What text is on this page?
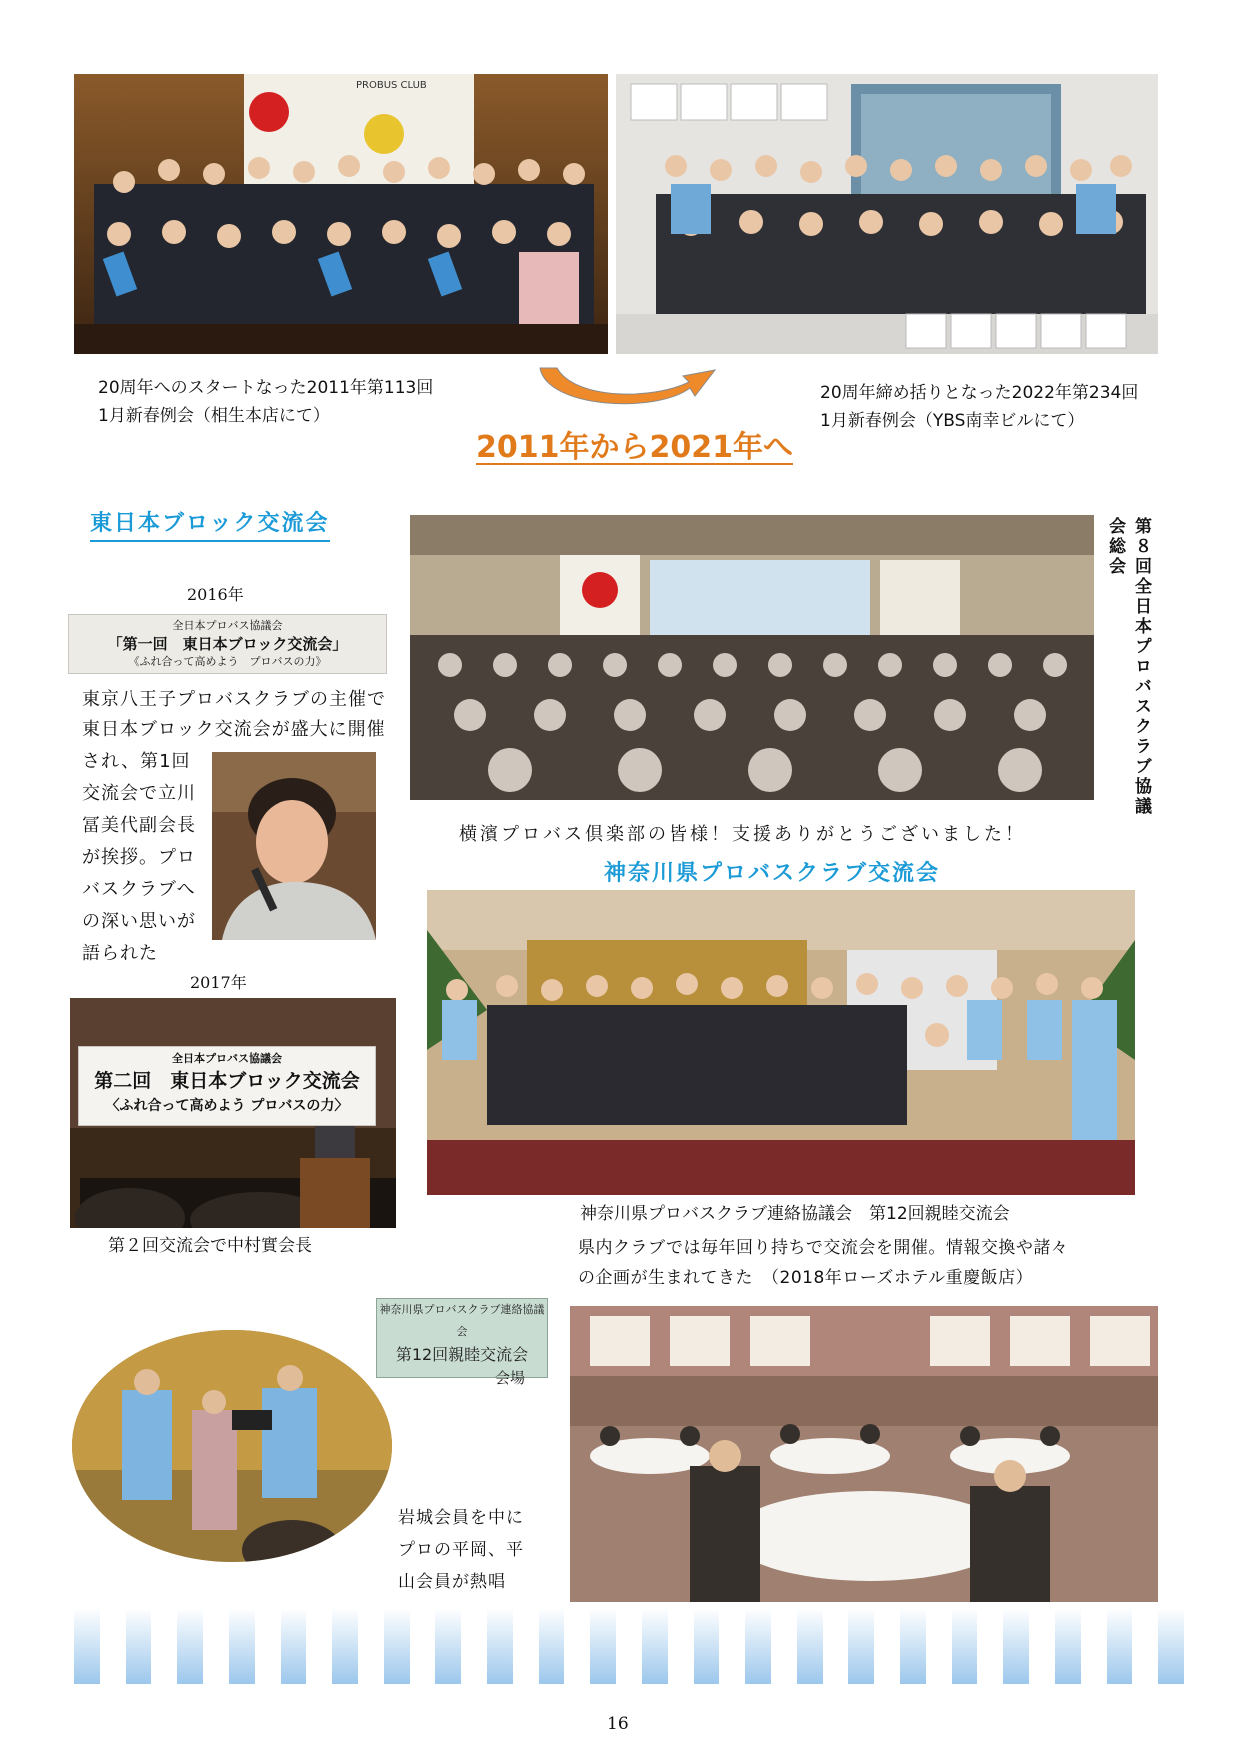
PROBUS CLUB
20周年へのスタートなった2011年第113回
1月新春例会（相生本店にて）
20周年締め括りとなった2022年第234回
1月新春例会（YBS南幸ビルにて）
2011年から2021年へ
東日本ブロック交流会
2016年
全日本プロバス協議会
「第一回　東日本ブロック交流会」
《ふれ合って高めよう　プロバスの力》
東京八王子プロバスクラブの主催で
東日本ブロック交流会が盛大に開催
され、第1回
交流会で立川
冨美代副会長
が挨拶。プロ
バスクラブへ
の深い思いが
語られた
2017年
全日本プロバス協議会
第二回　東日本ブロック交流会
〈ふれ合って高めよう プロバスの力〉
第２回交流会で中村實会長
第８回全日本プロバスクラブ協議会総会
横濱プロバス倶楽部の皆様！支援ありがとうございました！
神奈川県プロバスクラブ交流会
神奈川県プロバスクラブ連絡協議会　第12回親睦交流会
県内クラブでは毎年回り持ちで交流会を開催。情報交換や諸々
の企画が生まれてきた　（2018年ローズホテル重慶飯店）
神奈川県プロバスクラブ連絡協議会
第12回親睦交流会
会場
岩城会員を中に
プロの平岡、平
山会員が熱唱
16
